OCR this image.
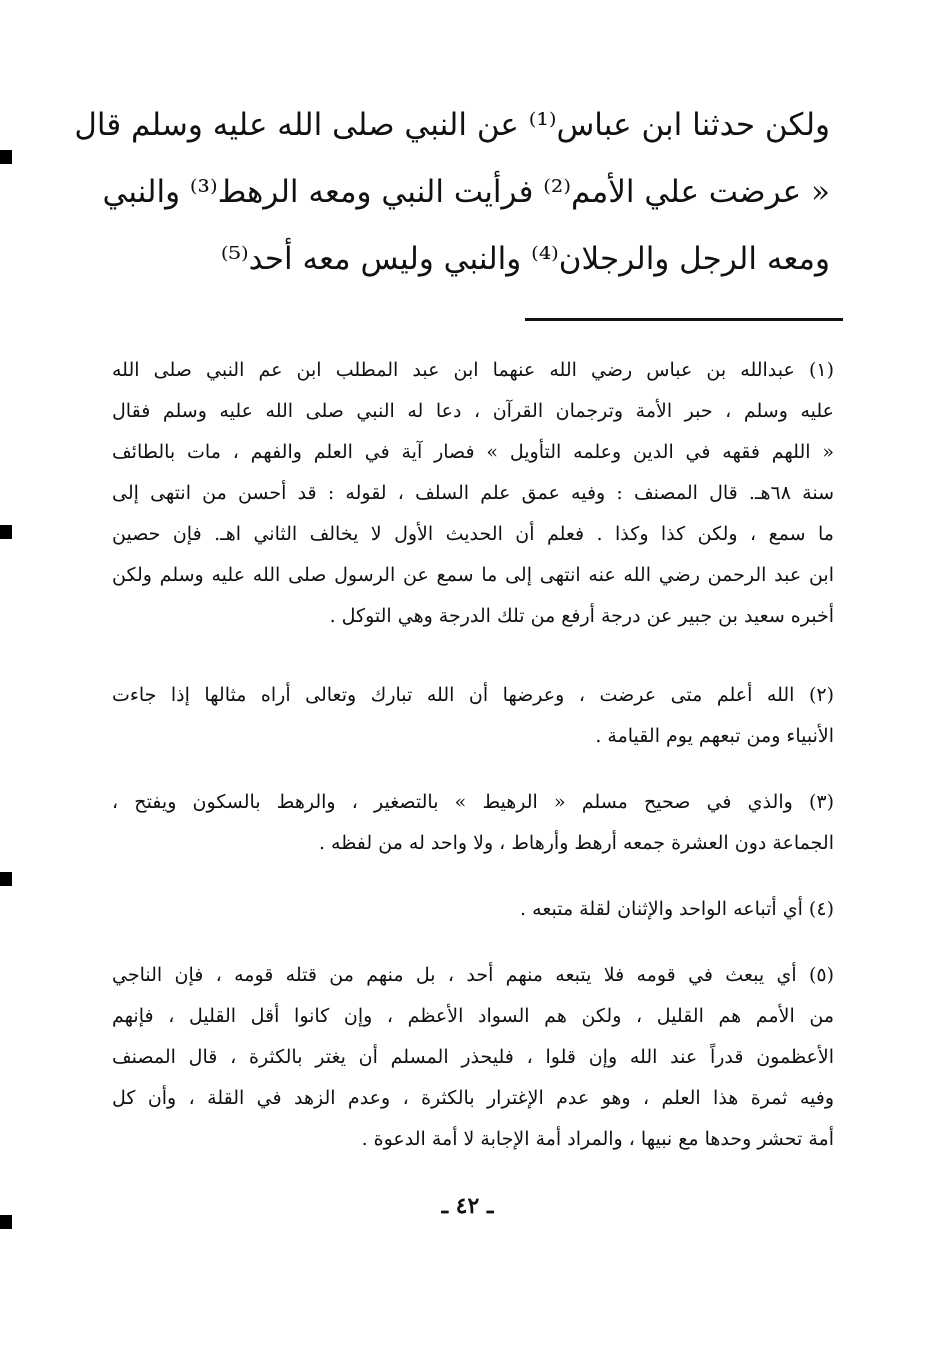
ولكن حدثنا ابن عباس⁽¹⁾ عن النبي صلى الله عليه وسلم قال
« عرضت علي الأمم⁽²⁾ فرأيت النبي ومعه الرهط⁽³⁾ والنبي
ومعه الرجل والرجلان⁽⁴⁾ والنبي وليس معه أحد⁽⁵⁾
(١) عبدالله بن عباس رضي الله عنهما ابن عبد المطلب ابن عم النبي صلى الله
عليه وسلم ، حبر الأمة وترجمان القرآن ، دعا له النبي صلى الله عليه وسلم فقال
« اللهم فقهه في الدين وعلمه التأويل » فصار آية في العلم والفهم ، مات بالطائف
سنة ٦٨هـ. قال المصنف : وفيه عمق علم السلف ، لقوله : قد أحسن من انتهى إلى
ما سمع ، ولكن كذا وكذا . فعلم أن الحديث الأول لا يخالف الثاني اهـ. فإن حصين
ابن عبد الرحمن رضي الله عنه انتهى إلى ما سمع عن الرسول صلى الله عليه وسلم ولكن
أخبره سعيد بن جبير عن درجة أرفع من تلك الدرجة وهي التوكل .
(٢) الله أعلم متى عرضت ، وعرضها أن الله تبارك وتعالى أراه مثالها إذا جاءت
الأنبياء ومن تبعهم يوم القيامة .
(٣) والذي في صحيح مسلم « الرهيط » بالتصغير ، والرهط بالسكون ويفتح ،
الجماعة دون العشرة جمعه أرهط وأرهاط ، ولا واحد له من لفظه .
(٤) أي أتباعه الواحد والإثنان لقلة متبعه .
(٥) أي يبعث في قومه فلا يتبعه منهم أحد ، بل منهم من قتله قومه ، فإن الناجي
من الأمم هم القليل ، ولكن هم السواد الأعظم ، وإن كانوا أقل القليل ، فإنهم
الأعظمون قدراً عند الله وإن قلوا ، فليحذر المسلم أن يغتر بالكثرة ، قال المصنف
وفيه ثمرة هذا العلم ، وهو عدم الإغترار بالكثرة ، وعدم الزهد في القلة ، وأن كل
أمة تحشر وحدها مع نبيها ، والمراد أمة الإجابة لا أمة الدعوة .
ـ ٤٢ ـ
